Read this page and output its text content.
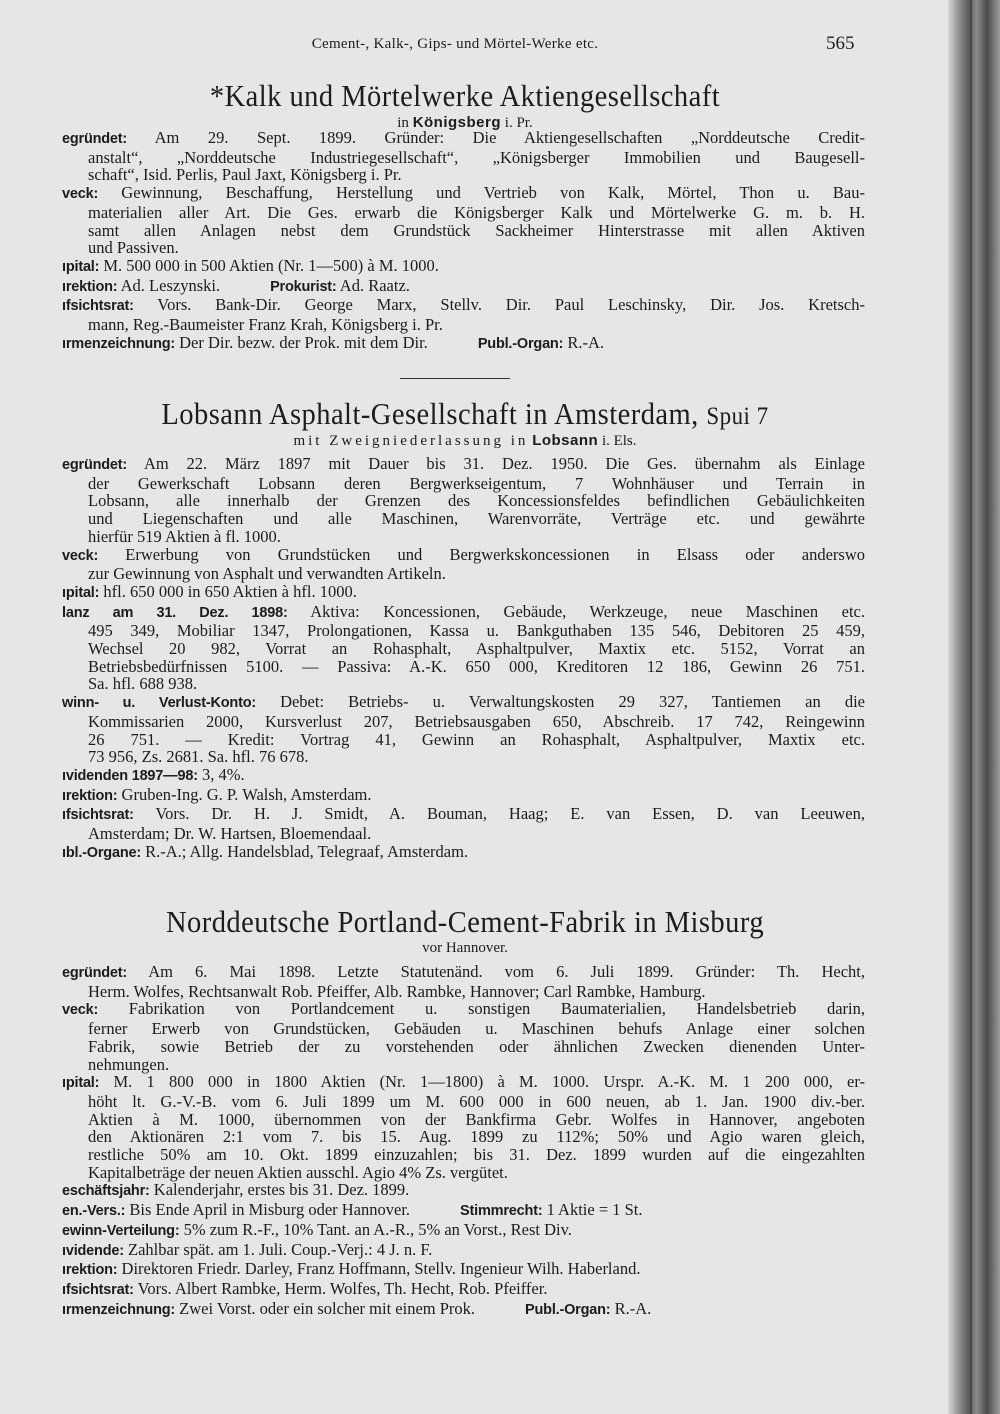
Cement-, Kalk-, Gips- und Mörtel-Werke etc.	565
*Kalk und Mörtelwerke Aktiengesellschaft
in Königsberg i. Pr.
egründet: Am 29. Sept. 1899. Gründer: Die Aktiengesellschaften „Norddeutsche Credit-
anstalt“, „Norddeutsche Industriegesellschaft“, „Königsberger Immobilien und Baugesell-
schaft“, Isid. Perlis, Paul Jaxt, Königsberg i. Pr.
veck: Gewinnung, Beschaffung, Herstellung und Vertrieb von Kalk, Mörtel, Thon u. Bau-
materialien aller Art. Die Ges. erwarb die Königsberger Kalk und Mörtelwerke G. m. b. H.
samt allen Anlagen nebst dem Grundstück Sackheimer Hinterstrasse mit allen Aktiven
und Passiven.
ıpital: M. 500 000 in 500 Aktien (Nr. 1—500) à M. 1000.
ırektion: Ad. Leszynski.	Prokurist: Ad. Raatz.
ıfsichtsrat: Vors. Bank-Dir. George Marx, Stellv. Dir. Paul Leschinsky, Dir. Jos. Kretsch-
mann, Reg.-Baumeister Franz Krah, Königsberg i. Pr.
ırmenzeichnung: Der Dir. bezw. der Prok. mit dem Dir.	Publ.-Organ: R.-A.
Lobsann Asphalt-Gesellschaft in Amsterdam, Spui 7
mit Zweigniederlassung in Lobsann i. Els.
egründet: Am 22. März 1897 mit Dauer bis 31. Dez. 1950. Die Ges. übernahm als Einlage
der Gewerkschaft Lobsann deren Bergwerkseigentum, 7 Wohnhäuser und Terrain in
Lobsann, alle innerhalb der Grenzen des Koncessionsfeldes befindlichen Gebäulichkeiten
und Liegenschaften und alle Maschinen, Warenvorräte, Verträge etc. und gewährte
hierfür 519 Aktien à fl. 1000.
veck: Erwerbung von Grundstücken und Bergwerkskoncessionen in Elsass oder anderswo
zur Gewinnung von Asphalt und verwandten Artikeln.
ıpital: hfl. 650 000 in 650 Aktien à hfl. 1000.
lanz am 31. Dez. 1898: Aktiva: Koncessionen, Gebäude, Werkzeuge, neue Maschinen etc.
495 349, Mobiliar 1347, Prolongationen, Kassa u. Bankguthaben 135 546, Debitoren 25 459,
Wechsel 20 982, Vorrat an Rohasphalt, Asphaltpulver, Maxtix etc. 5152, Vorrat an
Betriebsbedürfnissen 5100. — Passiva: A.-K. 650 000, Kreditoren 12 186, Gewinn 26 751.
Sa. hfl. 688 938.
winn- u. Verlust-Konto: Debet: Betriebs- u. Verwaltungskosten 29 327, Tantiemen an die
Kommissarien 2000, Kursverlust 207, Betriebsausgaben 650, Abschreib. 17 742, Reingewinn
26 751. — Kredit: Vortrag 41, Gewinn an Rohasphalt, Asphaltpulver, Maxtix etc.
73 956, Zs. 2681. Sa. hfl. 76 678.
ıvidenden 1897—98: 3, 4%.
ırektion: Gruben-Ing. G. P. Walsh, Amsterdam.
ıfsichtsrat: Vors. Dr. H. J. Smidt, A. Bouman, Haag; E. van Essen, D. van Leeuwen,
Amsterdam; Dr. W. Hartsen, Bloemendaal.
ıbl.-Organe: R.-A.; Allg. Handelsblad, Telegraaf, Amsterdam.
Norddeutsche Portland-Cement-Fabrik in Misburg
vor Hannover.
egründet: Am 6. Mai 1898. Letzte Statutenänd. vom 6. Juli 1899. Gründer: Th. Hecht,
Herm. Wolfes, Rechtsanwalt Rob. Pfeiffer, Alb. Rambke, Hannover; Carl Rambke, Hamburg.
veck: Fabrikation von Portlandcement u. sonstigen Baumaterialien, Handelsbetrieb darin,
ferner Erwerb von Grundstücken, Gebäuden u. Maschinen behufs Anlage einer solchen
Fabrik, sowie Betrieb der zu vorstehenden oder ähnlichen Zwecken dienenden Unter-
nehmungen.
ıpital: M. 1 800 000 in 1800 Aktien (Nr. 1—1800) à M. 1000. Urspr. A.-K. M. 1 200 000, er-
höht lt. G.-V.-B. vom 6. Juli 1899 um M. 600 000 in 600 neuen, ab 1. Jan. 1900 div.-ber.
Aktien à M. 1000, übernommen von der Bankfirma Gebr. Wolfes in Hannover, angeboten
den Aktionären 2:1 vom 7. bis 15. Aug. 1899 zu 112%; 50% und Agio waren gleich,
restliche 50% am 10. Okt. 1899 einzuzahlen; bis 31. Dez. 1899 wurden auf die eingezahlten
Kapitalbeträge der neuen Aktien ausschl. Agio 4% Zs. vergütet.
eschäftsjahr: Kalenderjahr, erstes bis 31. Dez. 1899.
en.-Vers.: Bis Ende April in Misburg oder Hannover.	Stimmrecht: 1 Aktie = 1 St.
ewinn-Verteilung: 5% zum R.-F., 10% Tant. an A.-R., 5% an Vorst., Rest Div.
ıvidende: Zahlbar spät. am 1. Juli. Coup.-Verj.: 4 J. n. F.
ırektion: Direktoren Friedr. Darley, Franz Hoffmann, Stellv. Ingenieur Wilh. Haberland.
ıfsichtsrat: Vors. Albert Rambke, Herm. Wolfes, Th. Hecht, Rob. Pfeiffer.
ırmenzeichnung: Zwei Vorst. oder ein solcher mit einem Prok.	Publ.-Organ: R.-A.
